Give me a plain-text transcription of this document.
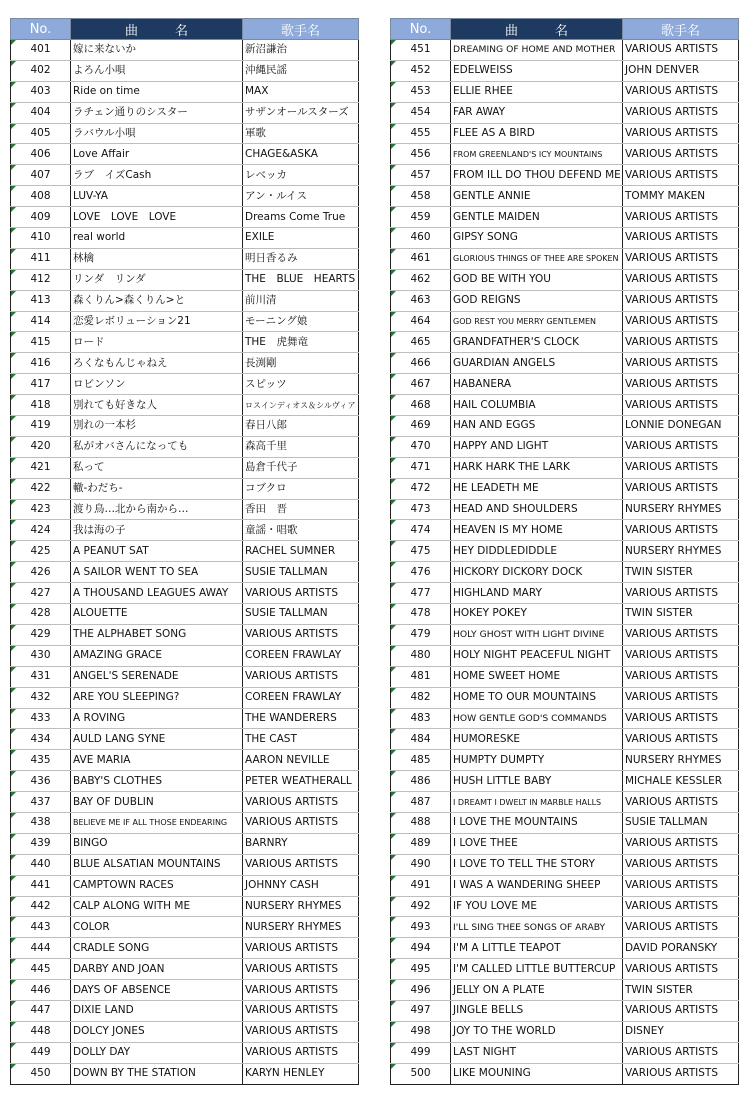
No.	曲　名	歌手名
401	嫁に来ないか	新沼謙治
402	よろん小唄	沖縄民謡
403	Ride on time	MAX
404	ラチェン通りのシスター	サザンオールスターズ
405	ラバウル小唄	軍歌
406	Love Affair	CHAGE&ASKA
407	ラブ　イズCash	レベッカ
408	LUV-YA	アン・ルイス
409	LOVE　LOVE　LOVE	Dreams Come True
410	real world	EXILE
411	林檎	明日香るみ
412	リンダ　リンダ	THE　BLUE　HEARTS
413	森くりん>森くりん>と	前川清
414	恋愛レボリューション21	モーニング娘
415	ロード	THE　虎舞竜
416	ろくなもんじゃねえ	長渕剛
417	ロビンソン	スピッツ
418	別れても好きな人	ロスインディオス＆シルヴィア
419	別れの一本杉	春日八郎
420	私がオバさんになっても	森高千里
421	私って	島倉千代子
422	轍-わだち-	コブクロ
423	渡り鳥…北から南から…	香田　晋
424	我は海の子	童謡・唱歌
425	A PEANUT SAT	RACHEL SUMNER
426	A SAILOR WENT TO SEA	SUSIE TALLMAN
427	A THOUSAND LEAGUES AWAY	VARIOUS ARTISTS
428	ALOUETTE	SUSIE TALLMAN
429	THE ALPHABET SONG	VARIOUS ARTISTS
430	AMAZING GRACE	COREEN FRAWLAY
431	ANGEL'S SERENADE	VARIOUS ARTISTS
432	ARE YOU SLEEPING?	COREEN FRAWLAY
433	A ROVING	THE WANDERERS
434	AULD LANG SYNE	THE CAST
435	AVE MARIA	AARON NEVILLE
436	BABY'S CLOTHES	PETER WEATHERALL
437	BAY OF DUBLIN	VARIOUS ARTISTS
438	BELIEVE ME IF ALL THOSE ENDEARING	VARIOUS ARTISTS
439	BINGO	BARNRY
440	BLUE ALSATIAN MOUNTAINS	VARIOUS ARTISTS
441	CAMPTOWN RACES	JOHNNY CASH
442	CALP ALONG WITH ME	NURSERY RHYMES
443	COLOR	NURSERY RHYMES
444	CRADLE SONG	VARIOUS ARTISTS
445	DARBY AND JOAN	VARIOUS ARTISTS
446	DAYS OF ABSENCE	VARIOUS ARTISTS
447	DIXIE LAND	VARIOUS ARTISTS
448	DOLCY JONES	VARIOUS ARTISTS
449	DOLLY DAY	VARIOUS ARTISTS
450	DOWN BY THE STATION	KARYN HENLEY
No.	曲　名	歌手名
451	DREAMING OF HOME AND MOTHER	VARIOUS ARTISTS
452	EDELWEISS	JOHN DENVER
453	ELLIE RHEE	VARIOUS ARTISTS
454	FAR AWAY	VARIOUS ARTISTS
455	FLEE AS A BIRD	VARIOUS ARTISTS
456	FROM GREENLAND'S ICY MOUNTAINS	VARIOUS ARTISTS
457	FROM ILL DO THOU DEFEND ME	VARIOUS ARTISTS
458	GENTLE ANNIE	TOMMY MAKEN
459	GENTLE MAIDEN	VARIOUS ARTISTS
460	GIPSY SONG	VARIOUS ARTISTS
461	GLORIOUS THINGS OF THEE ARE SPOKEN	VARIOUS ARTISTS
462	GOD BE WITH YOU	VARIOUS ARTISTS
463	GOD REIGNS	VARIOUS ARTISTS
464	GOD REST YOU MERRY GENTLEMEN	VARIOUS ARTISTS
465	GRANDFATHER'S CLOCK	VARIOUS ARTISTS
466	GUARDIAN ANGELS	VARIOUS ARTISTS
467	HABANERA	VARIOUS ARTISTS
468	HAIL COLUMBIA	VARIOUS ARTISTS
469	HAN AND EGGS	LONNIE DONEGAN
470	HAPPY AND LIGHT	VARIOUS ARTISTS
471	HARK HARK THE LARK	VARIOUS ARTISTS
472	HE LEADETH ME	VARIOUS ARTISTS
473	HEAD AND SHOULDERS	NURSERY RHYMES
474	HEAVEN IS MY HOME	VARIOUS ARTISTS
475	HEY DIDDLEDIDDLE	NURSERY RHYMES
476	HICKORY DICKORY DOCK	TWIN SISTER
477	HIGHLAND MARY	VARIOUS ARTISTS
478	HOKEY POKEY	TWIN SISTER
479	HOLY GHOST WITH LIGHT DIVINE	VARIOUS ARTISTS
480	HOLY NIGHT PEACEFUL NIGHT	VARIOUS ARTISTS
481	HOME SWEET HOME	VARIOUS ARTISTS
482	HOME TO OUR MOUNTAINS	VARIOUS ARTISTS
483	HOW GENTLE GOD'S COMMANDS	VARIOUS ARTISTS
484	HUMORESKE	VARIOUS ARTISTS
485	HUMPTY DUMPTY	NURSERY RHYMES
486	HUSH LITTLE BABY	MICHALE KESSLER
487	I DREAMT I DWELT IN MARBLE HALLS	VARIOUS ARTISTS
488	I LOVE THE MOUNTAINS	SUSIE TALLMAN
489	I LOVE THEE	VARIOUS ARTISTS
490	I LOVE TO TELL THE STORY	VARIOUS ARTISTS
491	I WAS A WANDERING SHEEP	VARIOUS ARTISTS
492	IF YOU LOVE ME	VARIOUS ARTISTS
493	I'LL SING THEE SONGS OF ARABY	VARIOUS ARTISTS
494	I'M A LITTLE TEAPOT	DAVID PORANSKY
495	I'M CALLED LITTLE BUTTERCUP	VARIOUS ARTISTS
496	JELLY ON A PLATE	TWIN SISTER
497	JINGLE BELLS	VARIOUS ARTISTS
498	JOY TO THE WORLD	DISNEY
499	LAST NIGHT	VARIOUS ARTISTS
500	LIKE MOUNING	VARIOUS ARTISTS
